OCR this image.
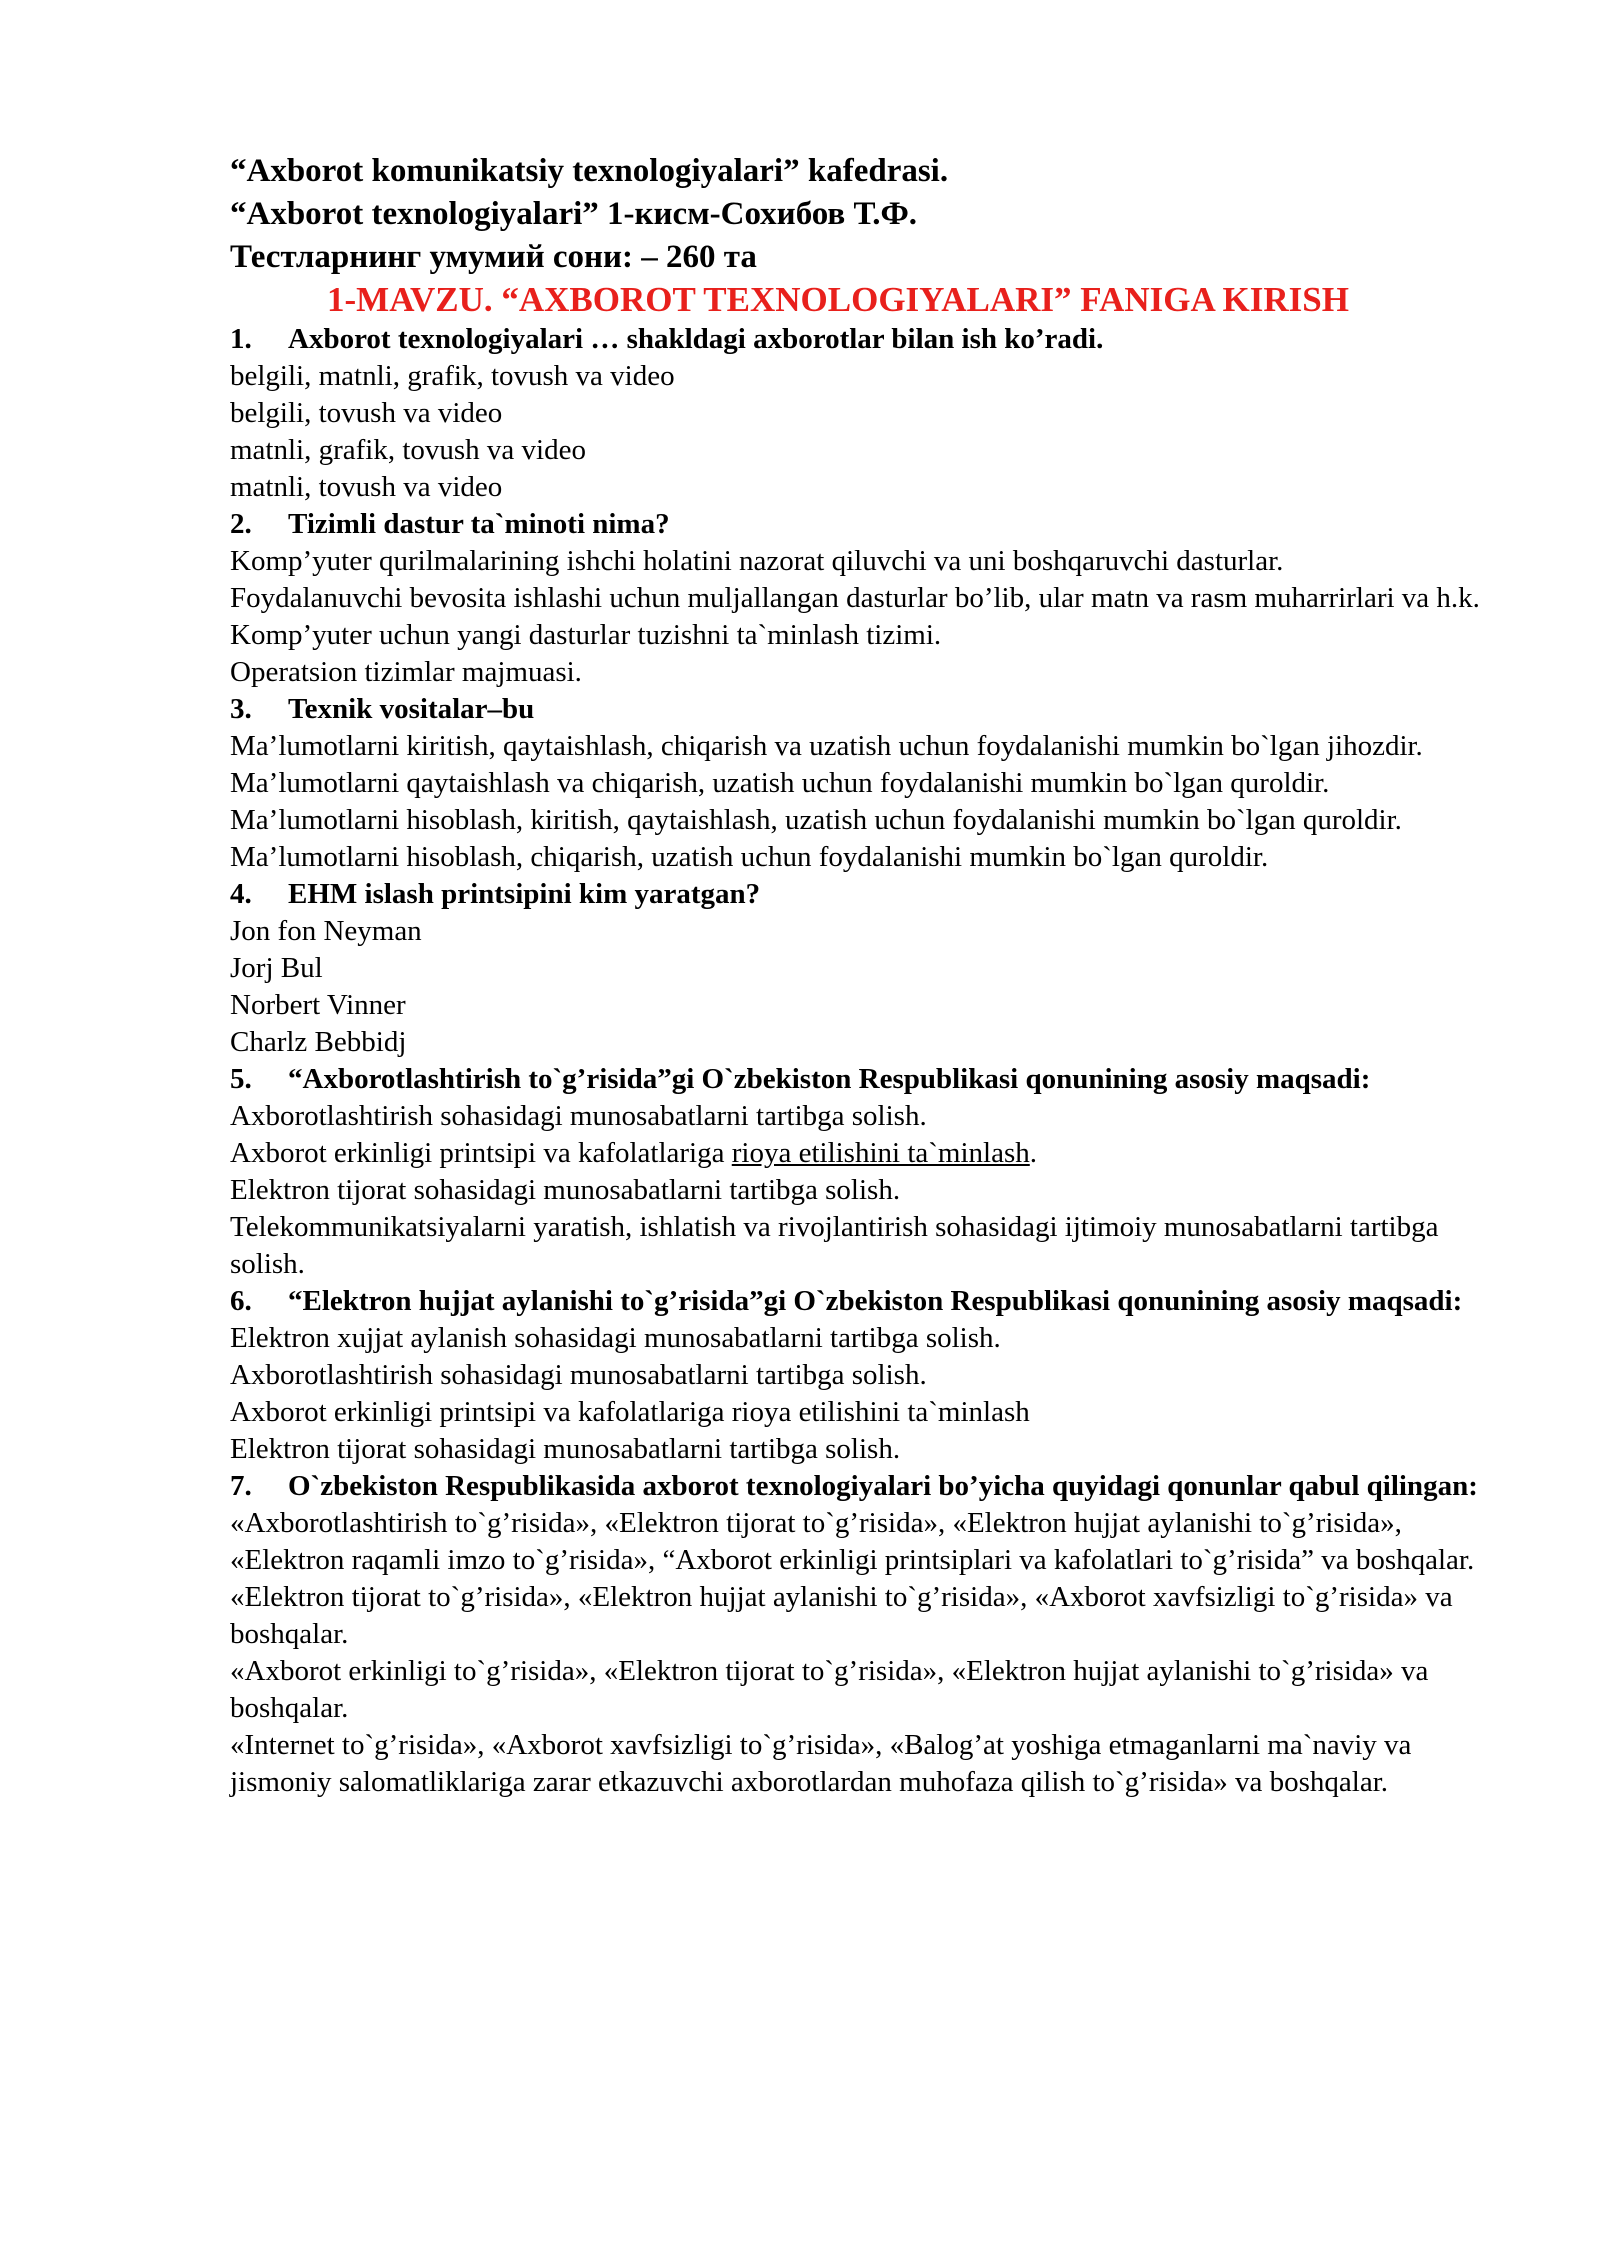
“Axborot komunikatsiy texnologiyalari” kafedrasi.
“Axborot texnologiyalari” 1-кисм-Сохибов Т.Ф.
Тестларнинг умумий сони: – 260 та
1-MAVZU. “AXBOROT TEXNOLOGIYALARI” FANIGA KIRISH
1.	Axborot texnologiyalari … shakldagi axborotlar bilan ish ko’radi.
belgili, matnli, grafik, tovush va video
belgili, tovush va video
matnli, grafik, tovush va video
matnli, tovush va video
2.	Tizimli dastur ta`minoti nima?
Komp’yuter qurilmalarining ishchi holatini nazorat qiluvchi va uni boshqaruvchi dasturlar.
Foydalanuvchi bevosita ishlashi uchun muljallangan dasturlar bo’lib, ular matn va rasm muharrirlari va h.k.
Komp’yuter uchun yangi dasturlar tuzishni ta`minlash tizimi.
Operatsion tizimlar majmuasi.
3.	Texnik vositalar–bu
Ma’lumotlarni kiritish, qaytaishlash, chiqarish va uzatish uchun foydalanishi mumkin bo`lgan jihozdir.
Ma’lumotlarni qaytaishlash va chiqarish, uzatish uchun foydalanishi mumkin bo`lgan quroldir.
Ma’lumotlarni hisoblash, kiritish, qaytaishlash, uzatish uchun foydalanishi mumkin bo`lgan quroldir.
Ma’lumotlarni hisoblash, chiqarish, uzatish uchun foydalanishi mumkin bo`lgan quroldir.
4.	EHM islash printsipini kim yaratgan?
Jon fon Neyman
Jorj Bul
Norbert Vinner
Charlz Bebbidj
5.	“Axborotlashtirish to`g’risida”gi O`zbekiston Respublikasi qonunining asosiy maqsadi:
Axborotlashtirish sohasidagi munosabatlarni tartibga solish.
Axborot erkinligi printsipi va kafolatlariga rioya etilishini ta`minlash.
Elektron tijorat sohasidagi munosabatlarni tartibga solish.
Telekommunikatsiyalarni yaratish, ishlatish va rivojlantirish sohasidagi ijtimoiy munosabatlarni tartibga solish.
6.	“Elektron hujjat aylanishi to`g’risida”gi O`zbekiston Respublikasi qonunining asosiy maqsadi:
Elektron xujjat aylanish sohasidagi munosabatlarni tartibga solish.
Axborotlashtirish sohasidagi munosabatlarni tartibga solish.
Axborot erkinligi printsipi va kafolatlariga rioya etilishini ta`minlash
Elektron tijorat sohasidagi munosabatlarni tartibga solish.
7.	O`zbekiston Respublikasida axborot texnologiyalari bo’yicha quyidagi qonunlar qabul qilingan:
«Axborotlashtirish to`g’risida», «Elektron tijorat to`g’risida», «Elektron hujjat aylanishi to`g’risida», «Elektron raqamli imzo to`g’risida», “Axborot erkinligi printsiplari va kafolatlari to`g’risida” va boshqalar.
«Elektron tijorat to`g’risida», «Elektron hujjat aylanishi to`g’risida», «Axborot xavfsizligi to`g’risida» va boshqalar.
«Axborot erkinligi to`g’risida», «Elektron tijorat to`g’risida», «Elektron hujjat aylanishi to`g’risida» va boshqalar.
«Internet to`g’risida», «Axborot xavfsizligi to`g’risida», «Balog’at yoshiga etmaganlarni ma`naviy va jismoniy salomatliklariga zarar etkazuvchi axborotlardan muhofaza qilish to`g’risida» va boshqalar.
